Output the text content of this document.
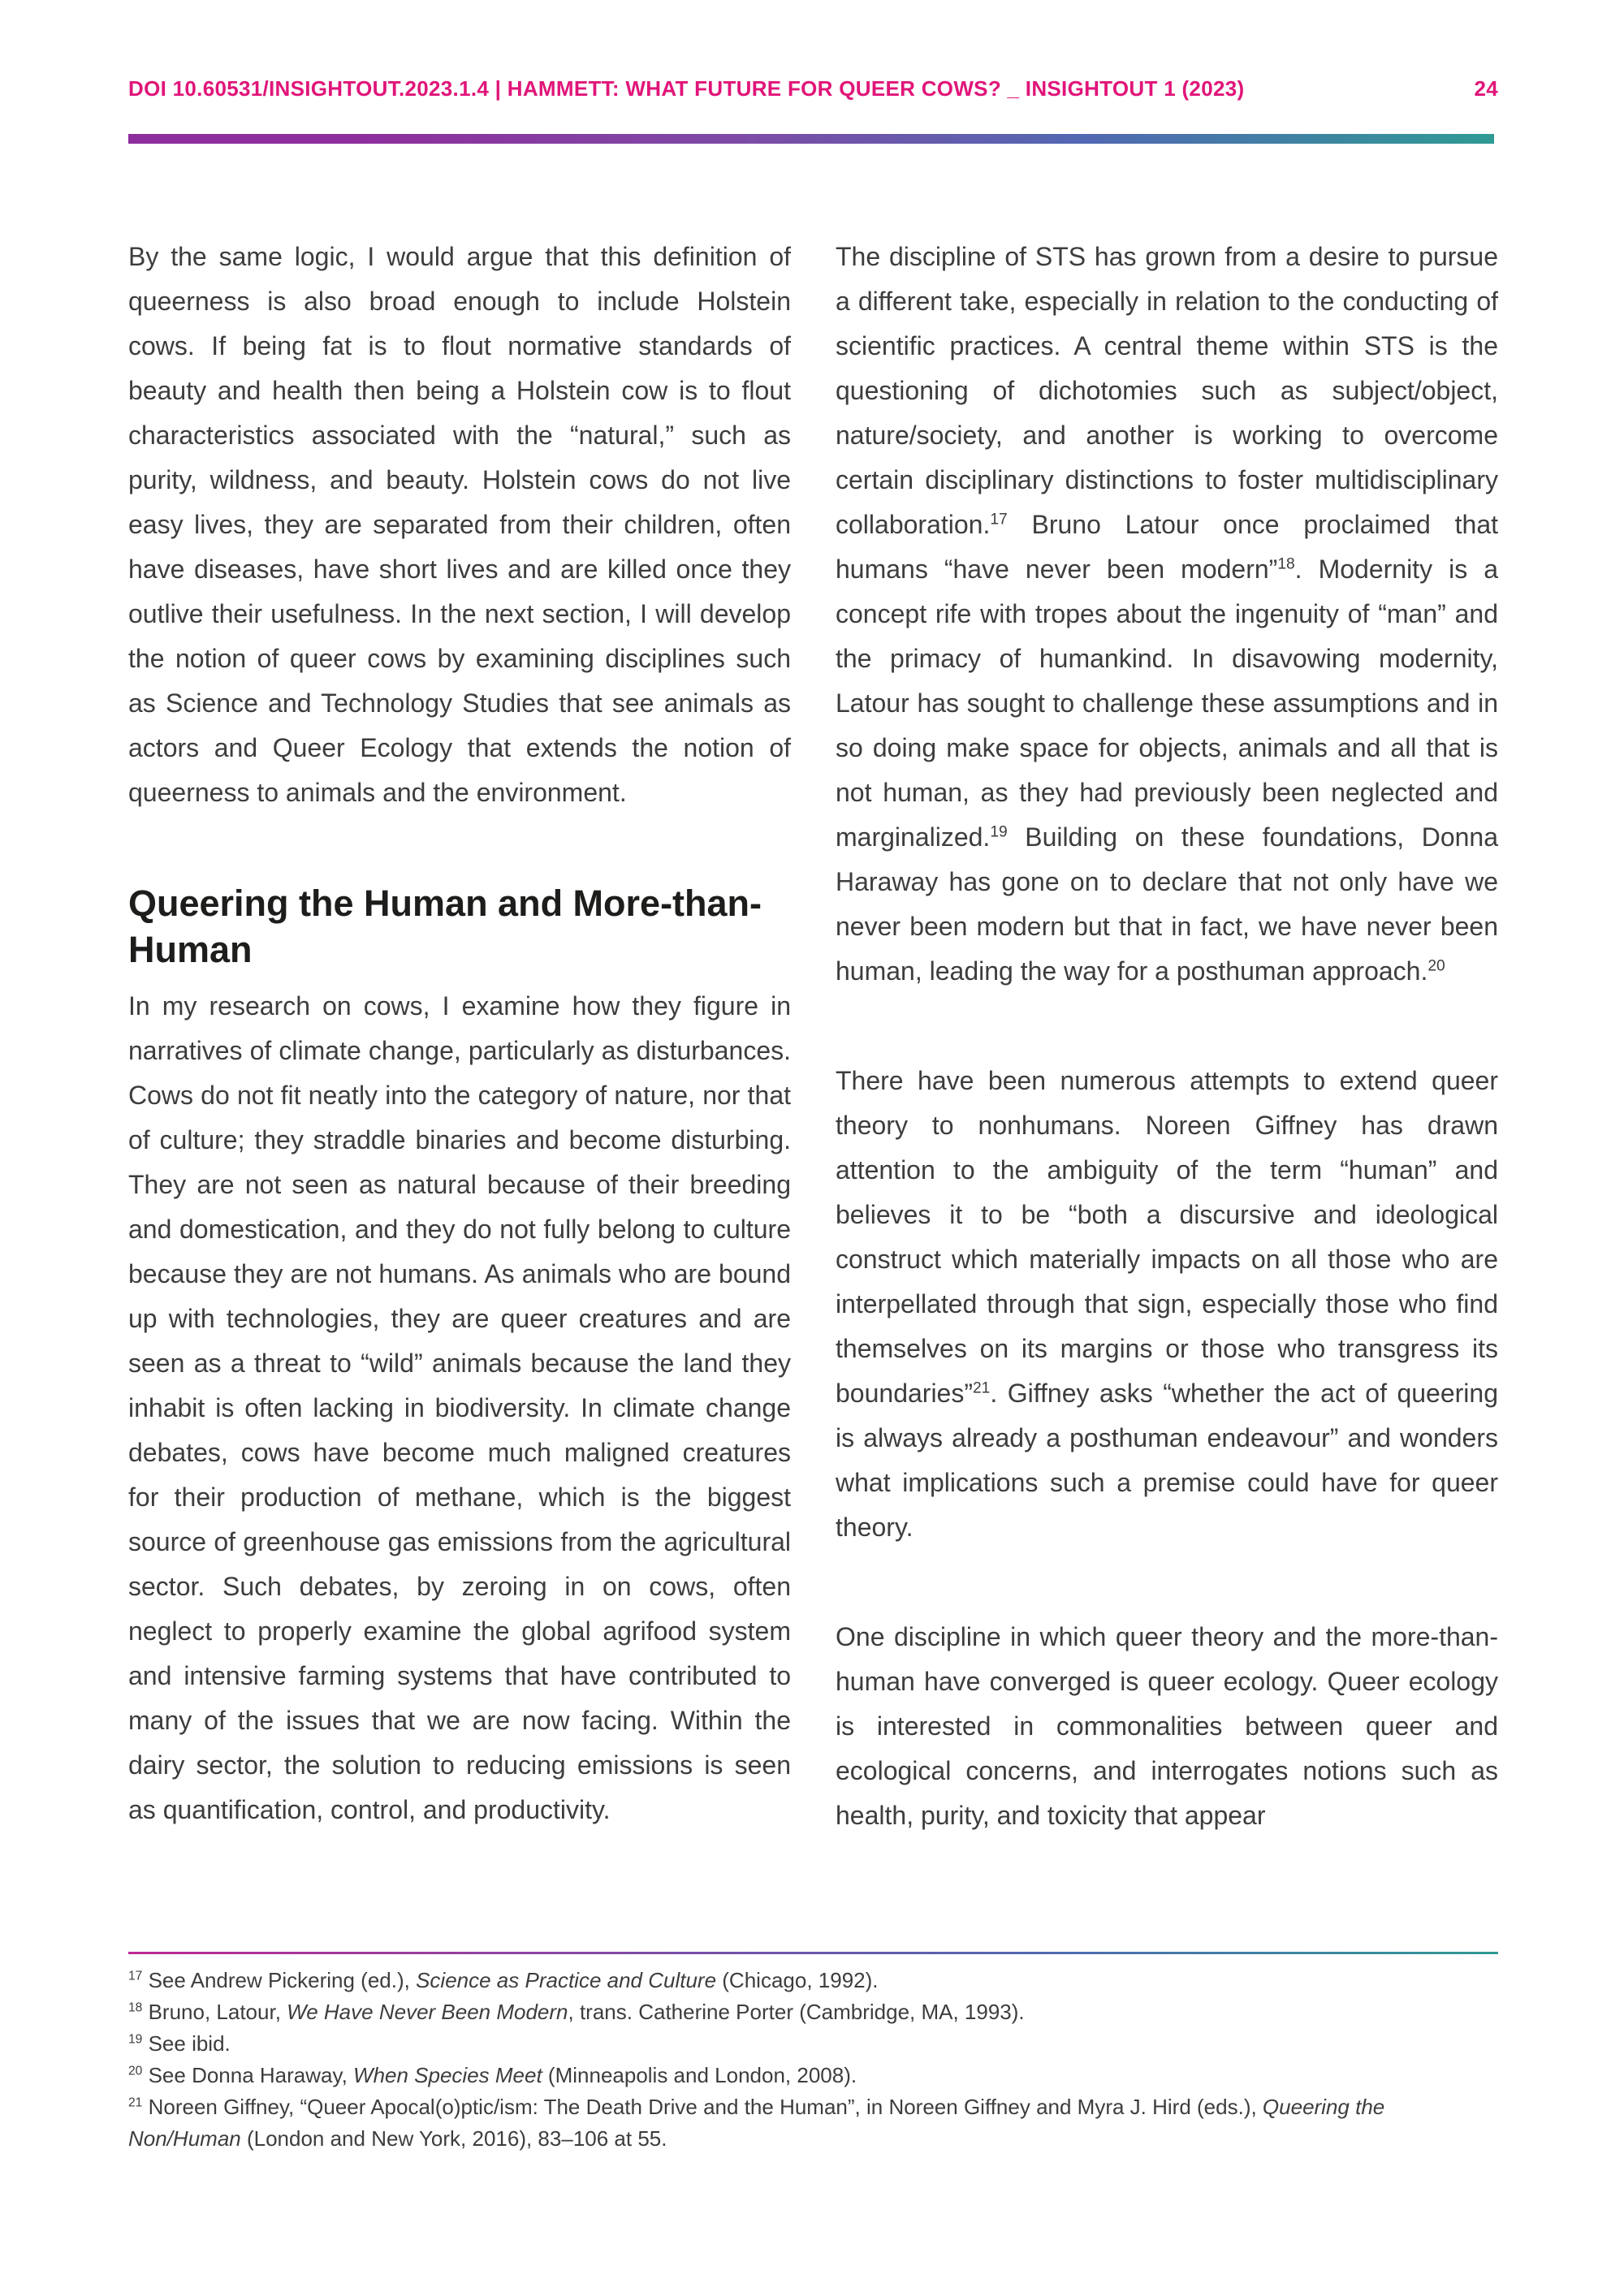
DOI 10.60531/INSIGHTOUT.2023.1.4 | HAMMETT: WHAT FUTURE FOR QUEER COWS? _ INSIGHTOUT 1 (2023)	24

By the same logic, I would argue that this definition of queerness is also broad enough to include Holstein cows. If being fat is to flout normative standards of beauty and health then being a Holstein cow is to flout characteristics associated with the “natural,” such as purity, wildness, and beauty. Holstein cows do not live easy lives, they are separated from their children, often have diseases, have short lives and are killed once they outlive their usefulness. In the next section, I will develop the notion of queer cows by examining disciplines such as Science and Technology Studies that see animals as actors and Queer Ecology that extends the notion of queerness to animals and the environment.

Queering the Human and More-than-Human

In my research on cows, I examine how they figure in narratives of climate change, particularly as disturbances. Cows do not fit neatly into the category of nature, nor that of culture; they straddle binaries and become disturbing. They are not seen as natural because of their breeding and domestication, and they do not fully belong to culture because they are not humans. As animals who are bound up with technologies, they are queer creatures and are seen as a threat to “wild” animals because the land they inhabit is often lacking in biodiversity. In climate change debates, cows have become much maligned creatures for their production of methane, which is the biggest source of greenhouse gas emissions from the agricultural sector. Such debates, by zeroing in on cows, often neglect to properly examine the global agrifood system and intensive farming systems that have contributed to many of the issues that we are now facing. Within the dairy sector, the solution to reducing emissions is seen as quantification, control, and productivity.

The discipline of STS has grown from a desire to pursue a different take, especially in relation to the conducting of scientific practices. A central theme within STS is the questioning of dichotomies such as subject/object, nature/society, and another is working to overcome certain disciplinary distinctions to foster multidisciplinary collaboration.$^{17}$ Bruno Latour once proclaimed that humans “have never been modern”$^{18}$. Modernity is a concept rife with tropes about the ingenuity of “man” and the primacy of humankind. In disavowing modernity, Latour has sought to challenge these assumptions and in so doing make space for objects, animals and all that is not human, as they had previously been neglected and marginalized.$^{19}$ Building on these foundations, Donna Haraway has gone on to declare that not only have we never been modern but that in fact, we have never been human, leading the way for a posthuman approach.$^{20}$

There have been numerous attempts to extend queer theory to nonhumans. Noreen Giffney has drawn attention to the ambiguity of the term “human” and believes it to be “both a discursive and ideological construct which materially impacts on all those who are interpellated through that sign, especially those who find themselves on its margins or those who transgress its boundaries”$^{21}$. Giffney asks “whether the act of queering is always already a posthuman endeavour” and wonders what implications such a premise could have for queer theory.

One discipline in which queer theory and the more-than-human have converged is queer ecology. Queer ecology is interested in commonalities between queer and ecological concerns, and interrogates notions such as health, purity, and toxicity that appear

$^{17}$ See Andrew Pickering (ed.), Science as Practice and Culture (Chicago, 1992).

$^{18}$ Bruno, Latour, We Have Never Been Modern, trans. Catherine Porter (Cambridge, MA, 1993).

$^{19}$ See ibid.

$^{20}$ See Donna Haraway, When Species Meet (Minneapolis and London, 2008).

$^{21}$ Noreen Giffney, “Queer Apocal(o)ptic/ism: The Death Drive and the Human”, in Noreen Giffney and Myra J. Hird (eds.), Queering the Non/Human (London and New York, 2016), 83–106 at 55.
